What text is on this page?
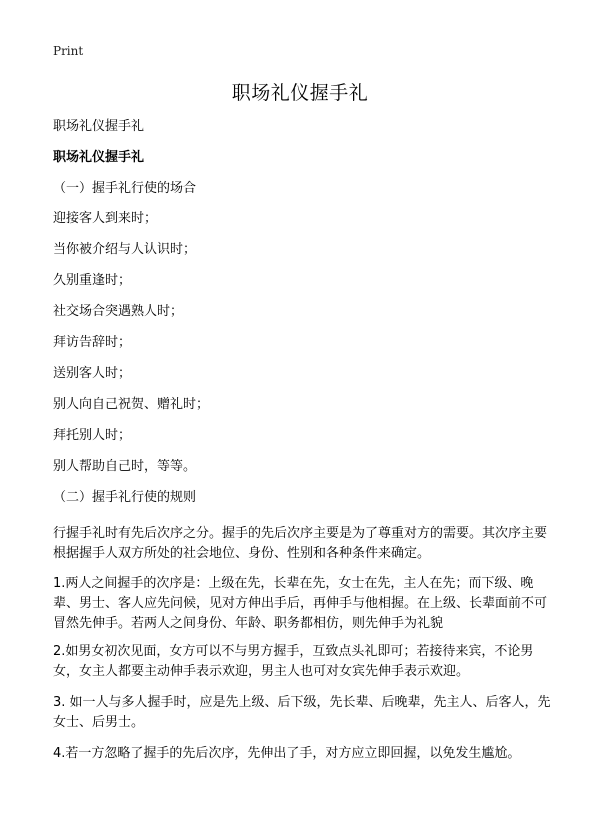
Print
职场礼仪握手礼

职场礼仪握手礼

职场礼仪握手礼

（一）握手礼行使的场合

迎接客人到来时；

当你被介绍与人认识时；

久别重逢时；

社交场合突遇熟人时；

拜访告辞时；

送别客人时；

别人向自己祝贺、赠礼时；

拜托别人时；

别人帮助自己时，等等。

（二）握手礼行使的规则

行握手礼时有先后次序之分。握手的先后次序主要是为了尊重对方的需要。其次序主要根据握手人双方所处的社会地位、身份、性别和各种条件来确定。

1.两人之间握手的次序是：上级在先，长辈在先，女士在先，主人在先；而下级、晚辈、男士、客人应先问候，见对方伸出手后，再伸手与他相握。在上级、长辈面前不可冒然先伸手。若两人之间身份、年龄、职务都相仿，则先伸手为礼貌

2.如男女初次见面，女方可以不与男方握手，互致点头礼即可；若接待来宾，不论男女，女主人都要主动伸手表示欢迎，男主人也可对女宾先伸手表示欢迎。

3. 如一人与多人握手时，应是先上级、后下级，先长辈、后晚辈，先主人、后客人，先女士、后男士。

4.若一方忽略了握手的先后次序，先伸出了手，对方应立即回握，以免发生尴尬。
